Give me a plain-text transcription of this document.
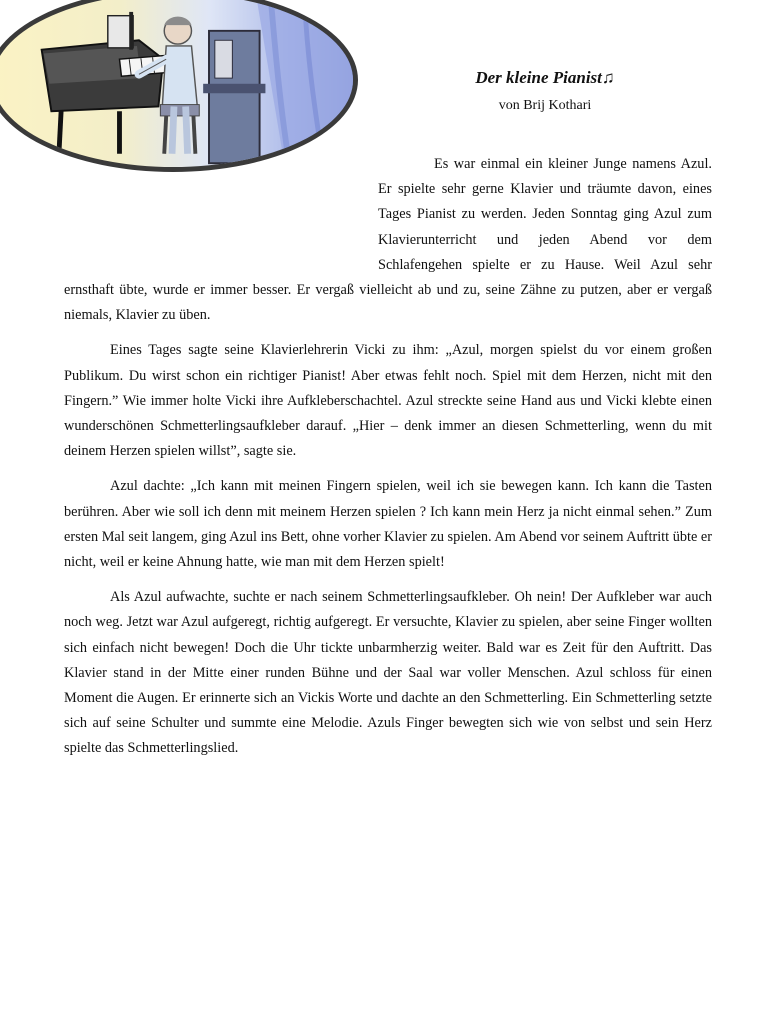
Der kleine Pianist♫

von Brij Kothari

Es war einmal ein kleiner Junge namens Azul. Er spielte sehr gerne Klavier und träumte davon, eines Tages Pianist zu werden. Jeden Sonntag ging Azul zum Klavierunterricht und jeden Abend vor dem Schlafengehen spielte er zu Hause. Weil Azul sehr ernsthaft übte, wurde er immer besser. Er vergaß vielleicht ab und zu, seine Zähne zu putzen, aber er vergaß niemals, Klavier zu üben.

Eines Tages sagte seine Klavierlehrerin Vicki zu ihm: „Azul, morgen spielst du vor einem großen Publikum. Du wirst schon ein richtiger Pianist! Aber etwas fehlt noch. Spiel mit dem Herzen, nicht mit den Fingern.” Wie immer holte Vicki ihre Aufkleberschachtel. Azul streckte seine Hand aus und Vicki klebte einen wunderschönen Schmetterlingsaufkleber darauf. „Hier – denk immer an diesen Schmetterling, wenn du mit deinem Herzen spielen willst”, sagte sie.

Azul dachte: „Ich kann mit meinen Fingern spielen, weil ich sie bewegen kann. Ich kann die Tasten berühren. Aber wie soll ich denn mit meinem Herzen spielen ? Ich kann mein Herz ja nicht einmal sehen.” Zum ersten Mal seit langem, ging Azul ins Bett, ohne vorher Klavier zu spielen. Am Abend vor seinem Auftritt übte er nicht, weil er keine Ahnung hatte, wie man mit dem Herzen spielt!

Als Azul aufwachte, suchte er nach seinem Schmetterlingsaufkleber. Oh nein! Der Aufkleber war auch noch weg. Jetzt war Azul aufgeregt, richtig aufgeregt. Er versuchte, Klavier zu spielen, aber seine Finger wollten sich einfach nicht bewegen! Doch die Uhr tickte unbarmherzig weiter. Bald war es Zeit für den Auftritt. Das Klavier stand in der Mitte einer runden Bühne und der Saal war voller Menschen. Azul schloss für einen Moment die Augen. Er erinnerte sich an Vickis Worte und dachte an den Schmetterling. Ein Schmetterling setzte sich auf seine Schulter und summte eine Melodie. Azuls Finger bewegten sich wie von selbst und sein Herz spielte das Schmetterlingslied.
